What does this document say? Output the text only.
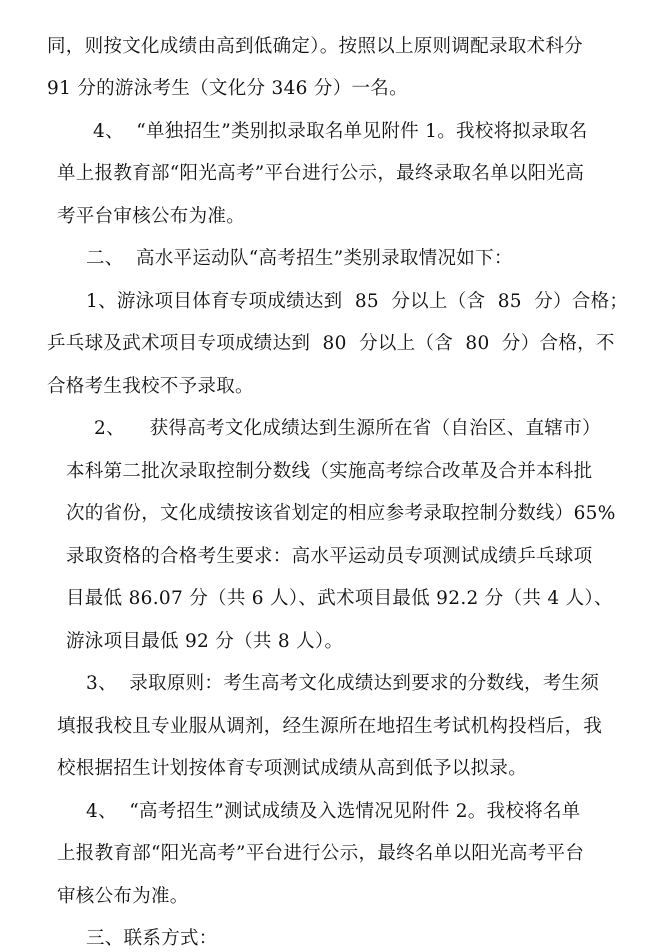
同，则按文化成绩由高到低确定）。按照以上原则调配录取术科分
91 分的游泳考生（文化分 346 分）一名。
4、  “单独招生”类别拟录取名单见附件 1。我校将拟录取名
单上报教育部“阳光高考”平台进行公示，最终录取名单以阳光高
考平台审核公布为准。
二、  高水平运动队“高考招生”类别录取情况如下：
1、游泳项目体育专项成绩达到  85  分以上（含  85  分）合格；
乒乓球及武术项目专项成绩达到  80  分以上（含  80  分）合格，不
合格考生我校不予录取。
2、    获得高考文化成绩达到生源所在省（自治区、直辖市）
本科第二批次录取控制分数线（实施高考综合改革及合并本科批
次的省份，文化成绩按该省划定的相应参考录取控制分数线）65%
录取资格的合格考生要求：高水平运动员专项测试成绩乒乓球项
目最低 86.07 分（共 6 人）、武术项目最低 92.2 分（共 4 人）、
游泳项目最低 92 分（共 8 人）。
3、  录取原则：考生高考文化成绩达到要求的分数线，考生须
填报我校且专业服从调剂，经生源所在地招生考试机构投档后，我
校根据招生计划按体育专项测试成绩从高到低予以拟录。
4、  “高考招生”测试成绩及入选情况见附件 2。我校将名单
上报教育部“阳光高考”平台进行公示，最终名单以阳光高考平台
审核公布为准。
三、联系方式：
